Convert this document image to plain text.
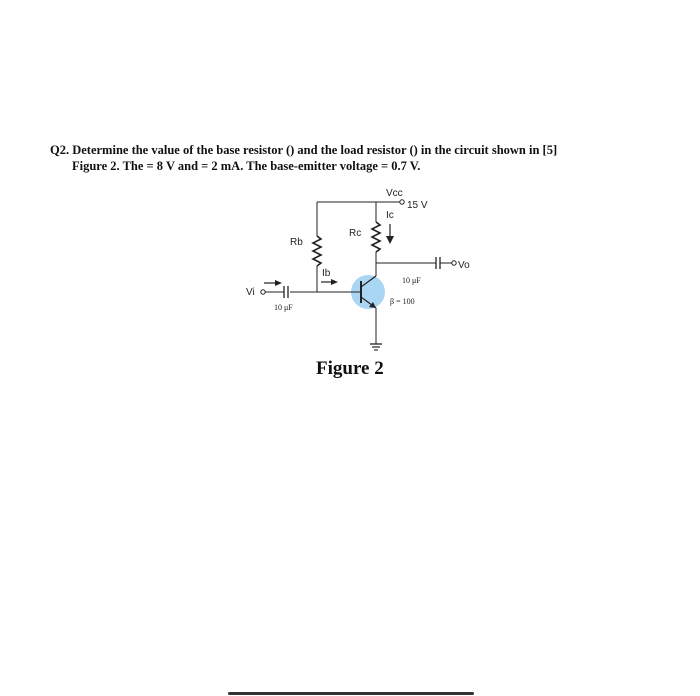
Q2. Determine the value of the base resistor () and the load resistor () in the circuit shown in [5]
Figure 2. The = 8 V and = 2 mA. The base-emitter voltage = 0.7 V.
Vcc
15 V
Rb
Rc
Ic
Vo
10 μF
β = 100
Ib
Vi
10 μF
Figure 2
